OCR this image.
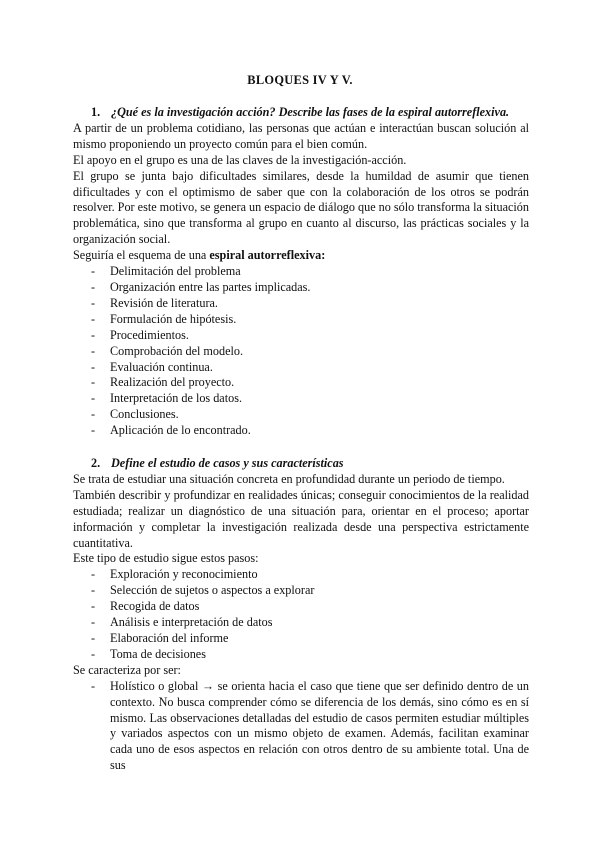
BLOQUES IV Y V.
1. ¿Qué es la investigación acción? Describe las fases de la espiral autorreflexiva.

A partir de un problema cotidiano, las personas que actúan e interactúan buscan solución al mismo proponiendo un proyecto común para el bien común.

El apoyo en el grupo es una de las claves de la investigación-acción.

El grupo se junta bajo dificultades similares, desde la humildad de asumir que tienen dificultades y con el optimismo de saber que con la colaboración de los otros se podrán resolver. Por este motivo, se genera un espacio de diálogo que no sólo transforma la situación problemática, sino que transforma al grupo en cuanto al discurso, las prácticas sociales y la organización social.

Seguiría el esquema de una espiral autorreflexiva:

- Delimitación del problema
- Organización entre las partes implicadas.
- Revisión de literatura.
- Formulación de hipótesis.
- Procedimientos.
- Comprobación del modelo.
- Evaluación continua.
- Realización del proyecto.
- Interpretación de los datos.
- Conclusiones.
- Aplicación de lo encontrado.
2. Define el estudio de casos y sus características

Se trata de estudiar una situación concreta en profundidad durante un periodo de tiempo.

También describir y profundizar en realidades únicas; conseguir conocimientos de la realidad estudiada; realizar un diagnóstico de una situación para, orientar en el proceso; aportar información y completar la investigación realizada desde una perspectiva estrictamente cuantitativa.

Este tipo de estudio sigue estos pasos:

- Exploración y reconocimiento
- Selección de sujetos o aspectos a explorar
- Recogida de datos
- Análisis e interpretación de datos
- Elaboración del informe
- Toma de decisiones

Se caracteriza por ser:

- Holístico o global → se orienta hacia el caso que tiene que ser definido dentro de un contexto. No busca comprender cómo se diferencia de los demás, sino cómo es en sí mismo. Las observaciones detalladas del estudio de casos permiten estudiar múltiples y variados aspectos con un mismo objeto de examen. Además, facilitan examinar cada uno de esos aspectos en relación con otros dentro de su ambiente total. Una de sus
